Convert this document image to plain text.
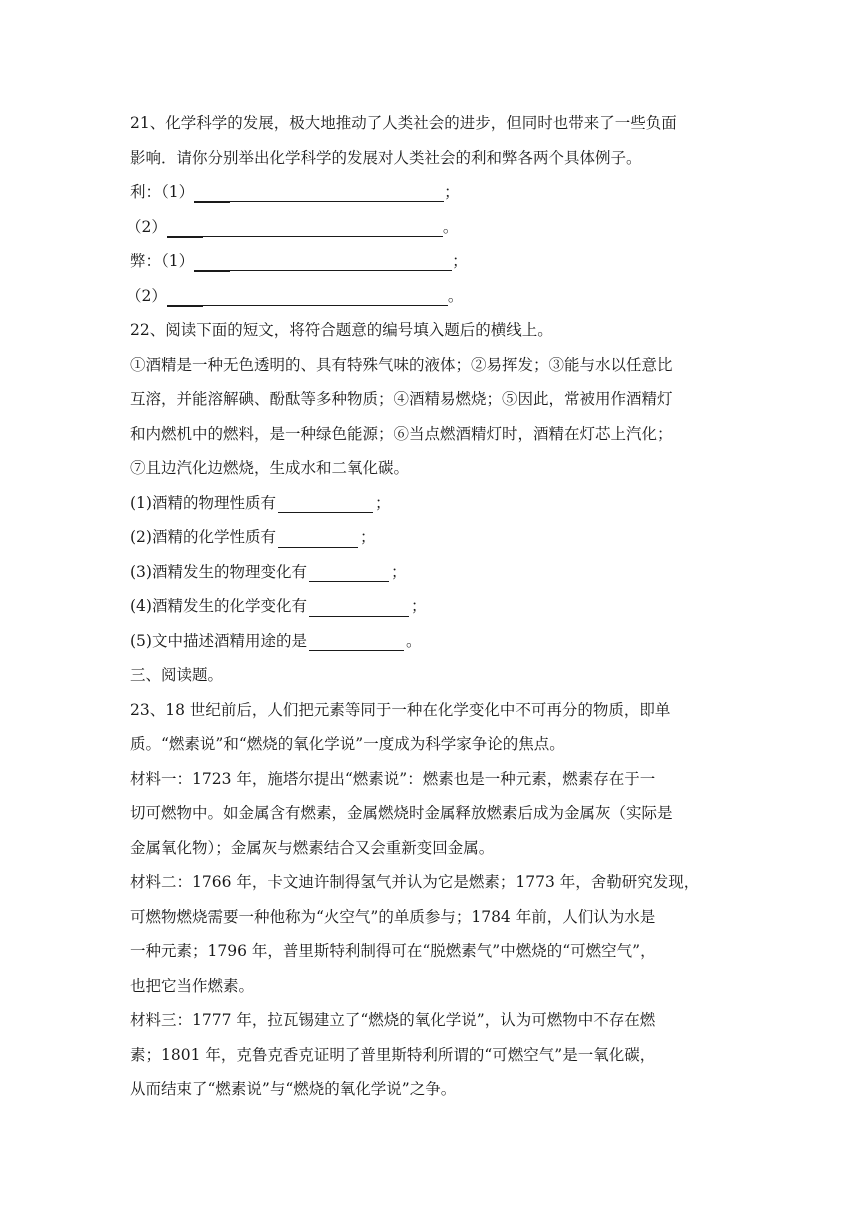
21、化学科学的发展，极大地推动了人类社会的进步，但同时也带来了一些负面
影响．请你分别举出化学科学的发展对人类社会的利和弊各两个具体例子。
利：（1）	；
（2）	。
弊：（1）	；
（2）	。
22、阅读下面的短文，将符合题意的编号填入题后的横线上。
①酒精是一种无色透明的、具有特殊气味的液体；②易挥发；③能与水以任意比
互溶，并能溶解碘、酚酞等多种物质；④酒精易燃烧；⑤因此，常被用作酒精灯
和内燃机中的燃料，是一种绿色能源；⑥当点燃酒精灯时，酒精在灯芯上汽化；
⑦且边汽化边燃烧，生成水和二氧化碳。
(1)酒精的物理性质有	；
(2)酒精的化学性质有	；
(3)酒精发生的物理变化有	；
(4)酒精发生的化学变化有	；
(5)文中描述酒精用途的是	。
三、阅读题。
23、18 世纪前后，人们把元素等同于一种在化学变化中不可再分的物质，即单
质。“燃素说”和“燃烧的氧化学说”一度成为科学家争论的焦点。
材料一：1723 年，施塔尔提出“燃素说”：燃素也是一种元素，燃素存在于一
切可燃物中。如金属含有燃素，金属燃烧时金属释放燃素后成为金属灰（实际是
金属氧化物）；金属灰与燃素结合又会重新变回金属。
材料二：1766 年，卡文迪许制得氢气并认为它是燃素；1773 年，舍勒研究发现，
可燃物燃烧需要一种他称为“火空气”的单质参与；1784 年前，人们认为水是
一种元素；1796 年，普里斯特利制得可在“脱燃素气”中燃烧的“可燃空气”，
也把它当作燃素。
材料三：1777 年，拉瓦锡建立了“燃烧的氧化学说”，认为可燃物中不存在燃
素；1801 年，克鲁克香克证明了普里斯特利所谓的“可燃空气”是一氧化碳，
从而结束了“燃素说”与“燃烧的氧化学说”之争。
